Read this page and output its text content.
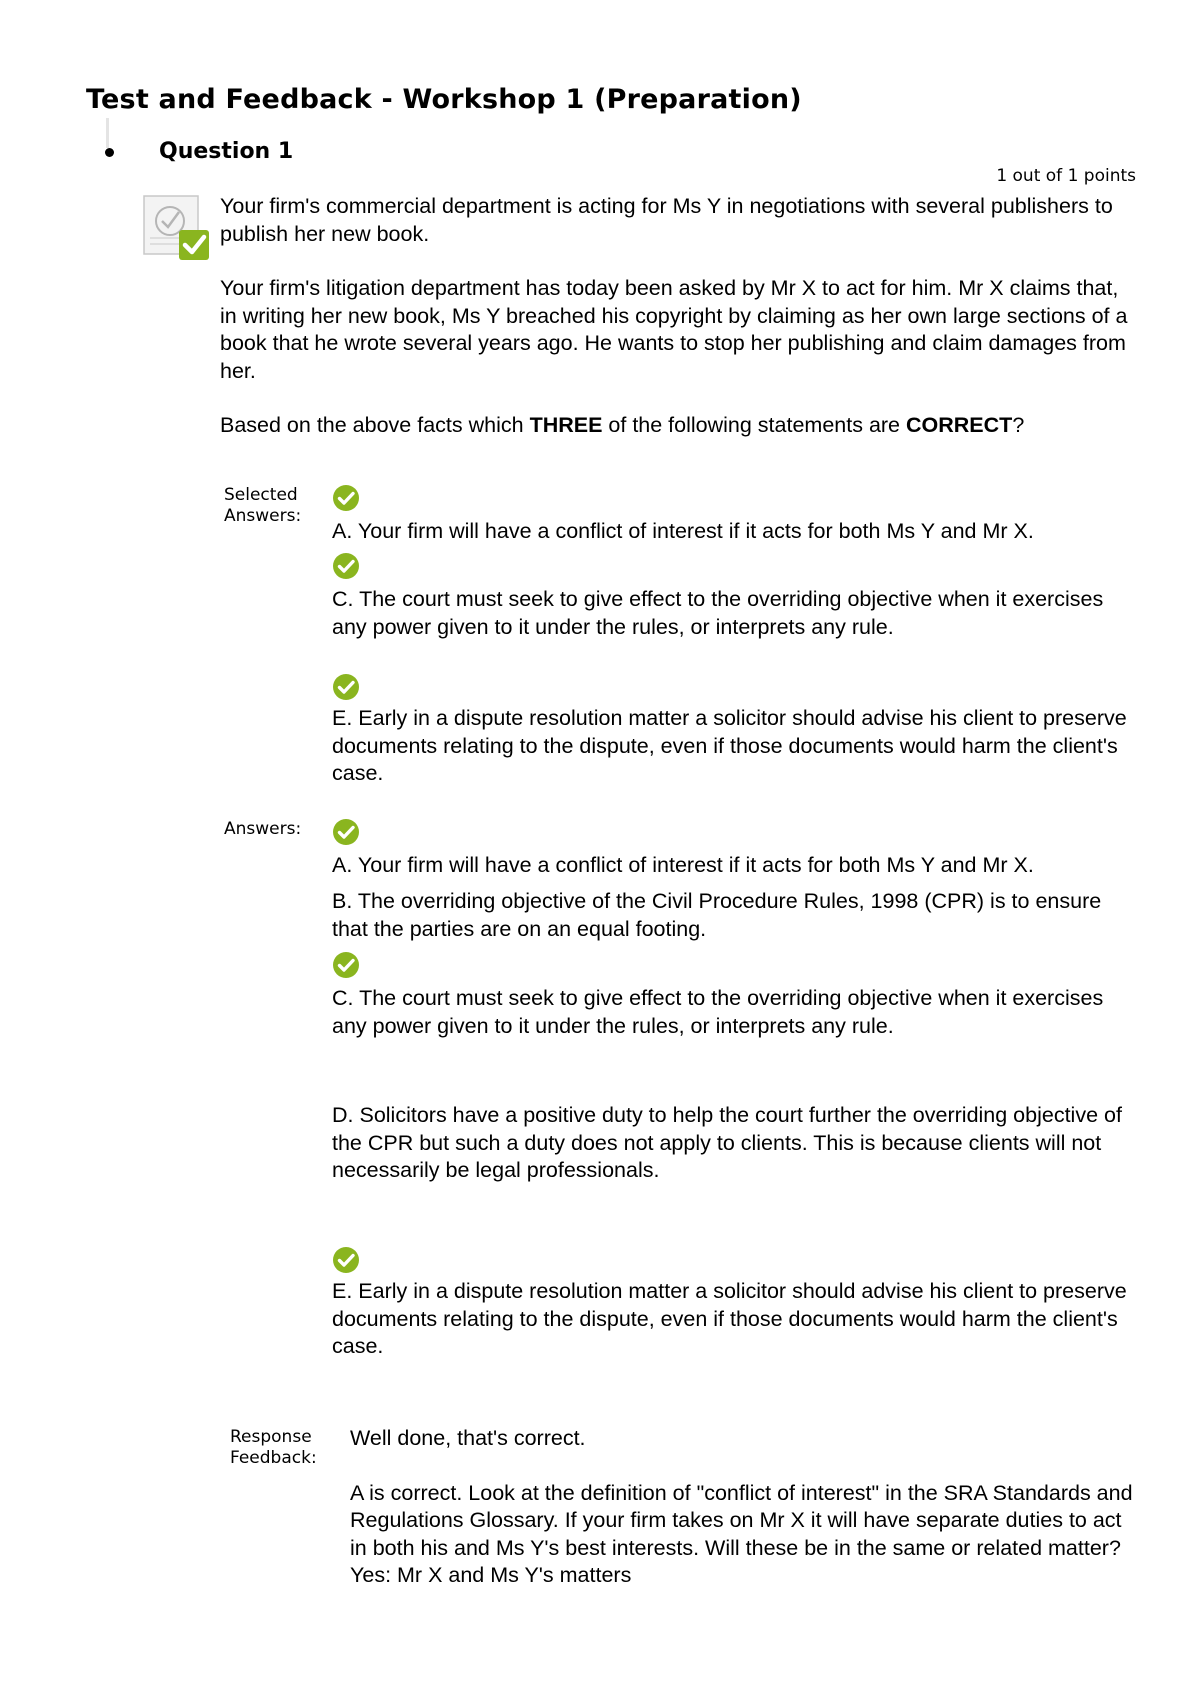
Test and Feedback - Workshop 1 (Preparation)
Question 1
1 out of 1 points

Your firm's commercial department is acting for Ms Y in negotiations with several publishers to publish her new book.

Your firm's litigation department has today been asked by Mr X to act for him. Mr X claims that, in writing her new book, Ms Y breached his copyright by claiming as her own large sections of a book that he wrote several years ago. He wants to stop her publishing and claim damages from her.

Based on the above facts which THREE of the following statements are CORRECT?

Selected
Answers:
A. Your firm will have a conflict of interest if it acts for both Ms Y and Mr X.
C. The court must seek to give effect to the overriding objective when it exercises any power given to it under the rules, or interprets any rule.
E. Early in a dispute resolution matter a solicitor should advise his client to preserve documents relating to the dispute, even if those documents would harm the client's case.
Answers:
A. Your firm will have a conflict of interest if it acts for both Ms Y and Mr X.
B. The overriding objective of the Civil Procedure Rules, 1998 (CPR) is to ensure that the parties are on an equal footing.
C. The court must seek to give effect to the overriding objective when it exercises any power given to it under the rules, or interprets any rule.
D. Solicitors have a positive duty to help the court further the overriding objective of the CPR but such a duty does not apply to clients. This is because clients will not necessarily be legal professionals.
E. Early in a dispute resolution matter a solicitor should advise his client to preserve documents relating to the dispute, even if those documents would harm the client's case.
Response
Feedback:
Well done, that's correct.
A is correct. Look at the definition of "conflict of interest" in the SRA Standards and Regulations Glossary. If your firm takes on Mr X it will have separate duties to act in both his and Ms Y's best interests. Will these be in the same or related matter? Yes: Mr X and Ms Y's matters
